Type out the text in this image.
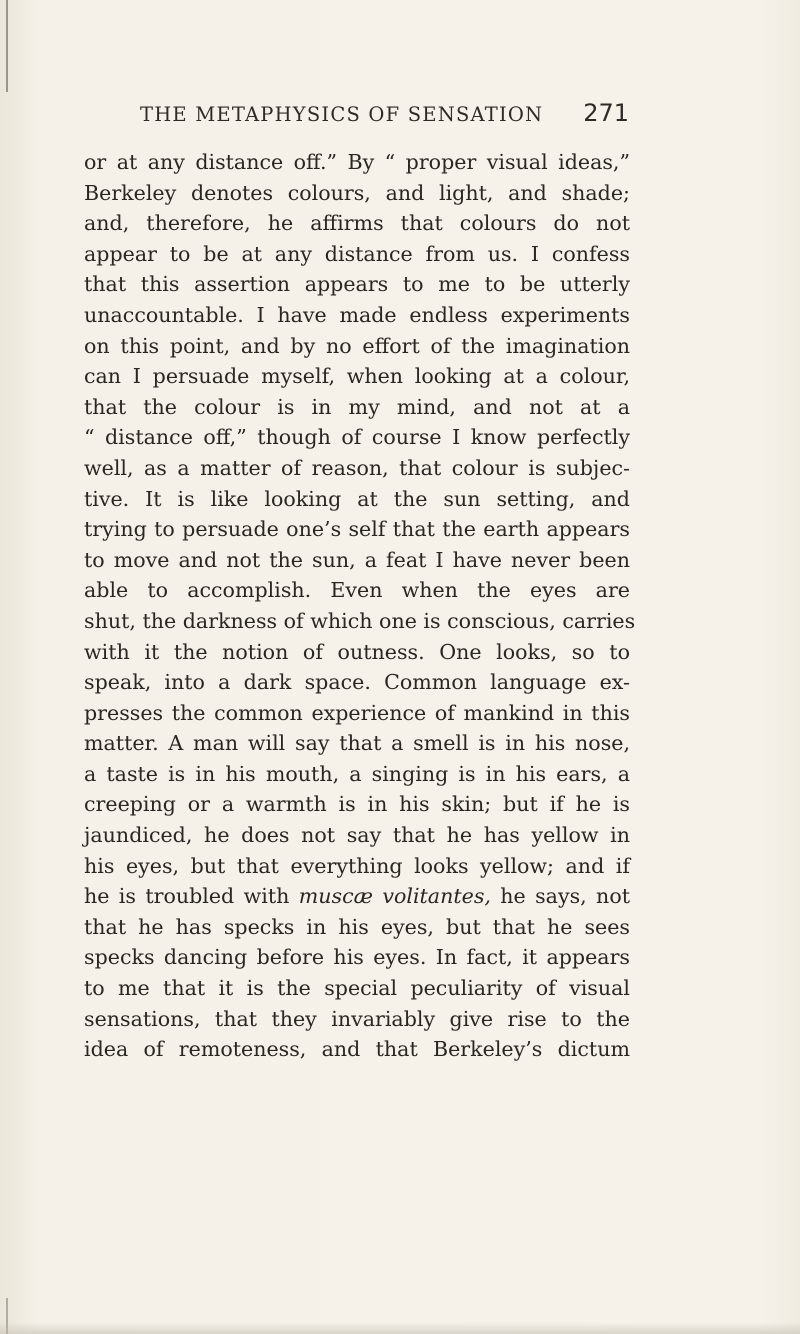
THE METAPHYSICS OF SENSATION	271
or at any distance off.” By “ proper visual ideas,”
Berkeley denotes colours, and light, and shade;
and, therefore, he affirms that colours do not
appear to be at any distance from us. I confess
that this assertion appears to me to be utterly
unaccountable. I have made endless experiments
on this point, and by no effort of the imagination
can I persuade myself, when looking at a colour,
that the colour is in my mind, and not at a
“ distance off,” though of course I know perfectly
well, as a matter of reason, that colour is subjec-
tive. It is like looking at the sun setting, and
trying to persuade one’s self that the earth appears
to move and not the sun, a feat I have never been
able to accomplish. Even when the eyes are
shut, the darkness of which one is conscious, carries
with it the notion of outness. One looks, so to
speak, into a dark space. Common language ex-
presses the common experience of mankind in this
matter. A man will say that a smell is in his nose,
a taste is in his mouth, a singing is in his ears, a
creeping or a warmth is in his skin; but if he is
jaundiced, he does not say that he has yellow in
his eyes, but that everything looks yellow; and if
he is troubled with muscæ volitantes, he says, not
that he has specks in his eyes, but that he sees
specks dancing before his eyes. In fact, it appears
to me that it is the special peculiarity of visual
sensations, that they invariably give rise to the
idea of remoteness, and that Berkeley’s dictum
